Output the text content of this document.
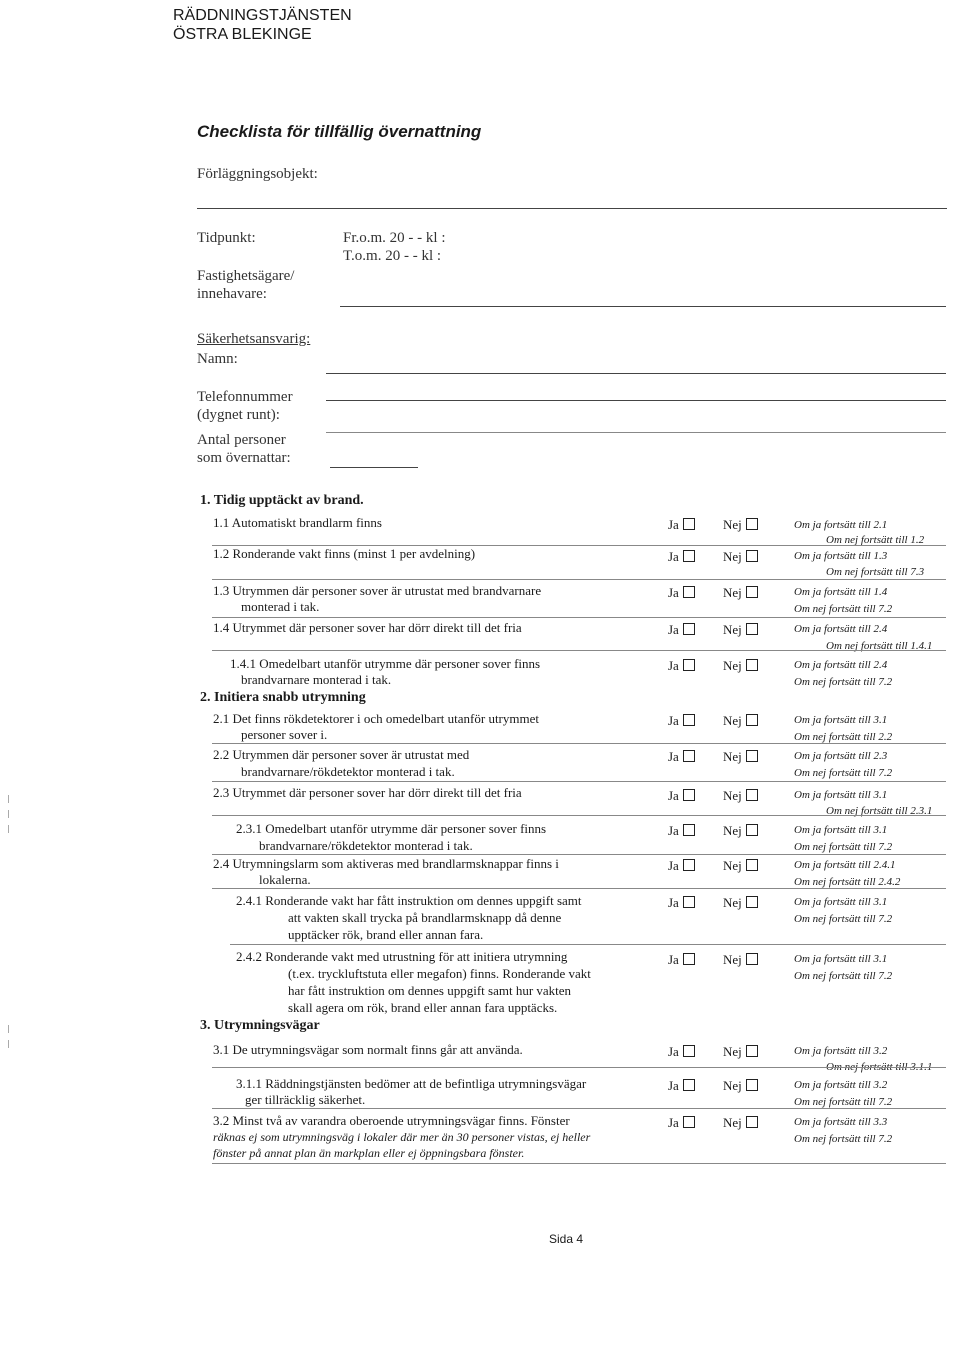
RÄDDNINGSTJÄNSTEN
ÖSTRA BLEKINGE
Checklista för tillfällig övernattning
Förläggningsobjekt:
Tidpunkt:	Fr.o.m. 20 - - kl :
T.o.m. 20 - - kl :
Fastighetsägare/
innehavare:
Säkerhetsansvarig:
Namn:
Telefonnummer
(dygnet runt):
Antal personer
som övernattar:
1. Tidig upptäckt av brand.
1.1 Automatiskt brandlarm finns	Ja	Nej	Om ja fortsätt till 2.1
Om nej fortsätt till 1.2
1.2 Ronderande vakt finns (minst 1 per avdelning)	Ja	Nej	Om ja fortsätt till 1.3
Om nej fortsätt till 7.3
1.3 Utrymmen där personer sover är utrustat med brandvarnare
monterad i tak.
Ja	Nej	Om ja fortsätt till 1.4
Om nej fortsätt till 7.2
1.4 Utrymmet där personer sover har dörr direkt till det fria	Ja	Nej	Om ja fortsätt till 2.4
Om nej fortsätt till 1.4.1
1.4.1 Omedelbart utanför utrymme där personer sover finns
brandvarnare monterad i tak.
Ja	Nej	Om ja fortsätt till 2.4
Om nej fortsätt till 7.2
2. Initiera snabb utrymning
2.1 Det finns rökdetektorer i och omedelbart utanför utrymmet
personer sover i.
Ja	Nej	Om ja fortsätt till 3.1
Om nej fortsätt till 2.2
2.2 Utrymmen där personer sover är utrustat med
brandvarnare/rökdetektor monterad i tak.
Ja	Nej	Om ja fortsätt till 2.3
Om nej fortsätt till 7.2
2.3 Utrymmet där personer sover har dörr direkt till det fria	Ja	Nej	Om ja fortsätt till 3.1
Om nej fortsätt till 2.3.1
2.3.1 Omedelbart utanför utrymme där personer sover finns
brandvarnare/rökdetektor monterad i tak.
Ja	Nej	Om ja fortsätt till 3.1
Om nej fortsätt till 7.2
2.4 Utrymningslarm som aktiveras med brandlarmsknappar finns i
lokalerna.
Ja	Nej	Om ja fortsätt till 2.4.1
Om nej fortsätt till 2.4.2
2.4.1 Ronderande vakt har fått instruktion om dennes uppgift samt
att vakten skall trycka på brandlarmsknapp då denne
upptäcker rök, brand eller annan fara.
Ja	Nej	Om ja fortsätt till 3.1
Om nej fortsätt till 7.2
2.4.2 Ronderande vakt med utrustning för att initiera utrymning
(t.ex. tryckluftstuta eller megafon) finns. Ronderande vakt
har fått instruktion om dennes uppgift samt hur vakten
skall agera om rök, brand eller annan fara upptäcks.
Ja	Nej	Om ja fortsätt till 3.1
Om nej fortsätt till 7.2
3. Utrymningsvägar
3.1 De utrymningsvägar som normalt finns går att använda.	Ja	Nej	Om ja fortsätt till 3.2
Om nej fortsätt till 3.1.1
3.1.1 Räddningstjänsten bedömer att de befintliga utrymningsvägar
ger tillräcklig säkerhet.
Ja	Nej	Om ja fortsätt till 3.2
Om nej fortsätt till 7.2
3.2 Minst två av varandra oberoende utrymningsvägar finns. Fönster
räknas ej som utrymningsväg i lokaler där mer än 30 personer vistas, ej heller
fönster på annat plan än markplan eller ej öppningsbara fönster.
Ja	Nej	Om ja fortsätt till 3.3
Om nej fortsätt till 7.2
Sida 4
